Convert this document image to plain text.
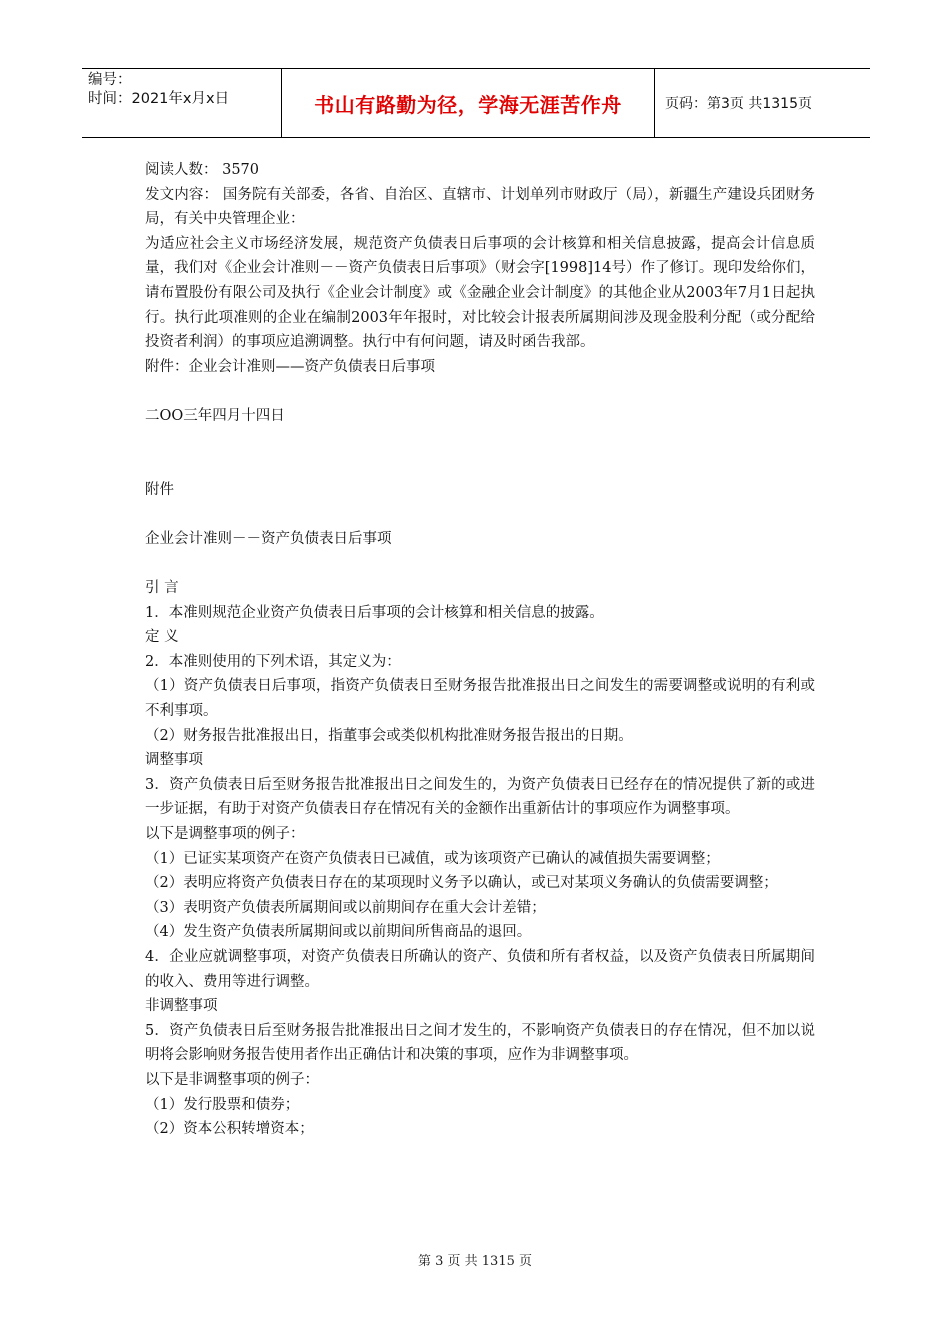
编号：
时间：2021年x月x日	书山有路勤为径，学海无涯苦作舟	页码：第3页 共1315页

阅读人数： 3570

发文内容： 国务院有关部委，各省、自治区、直辖市、计划单列市财政厅（局），新疆生产建设兵团财务局，有关中央管理企业：

为适应社会主义市场经济发展，规范资产负债表日后事项的会计核算和相关信息披露，提高会计信息质量，我们对《企业会计准则－－资产负债表日后事项》（财会字[1998]14号）作了修订。现印发给你们，请布置股份有限公司及执行《企业会计制度》或《金融企业会计制度》的其他企业从2003年7月1日起执行。执行此项准则的企业在编制2003年年报时，对比较会计报表所属期间涉及现金股利分配（或分配给投资者利润）的事项应追溯调整。执行中有何问题，请及时函告我部。

附件：企业会计准则——资产负债表日后事项

二OO三年四月十四日

附件

企业会计准则－－资产负债表日后事项

引 言

1．本准则规范企业资产负债表日后事项的会计核算和相关信息的披露。

定 义

2．本准则使用的下列术语，其定义为：

（1）资产负债表日后事项，指资产负债表日至财务报告批准报出日之间发生的需要调整或说明的有利或不利事项。

（2）财务报告批准报出日，指董事会或类似机构批准财务报告报出的日期。

调整事项

3．资产负债表日后至财务报告批准报出日之间发生的，为资产负债表日已经存在的情况提供了新的或进一步证据，有助于对资产负债表日存在情况有关的金额作出重新估计的事项应作为调整事项。

以下是调整事项的例子：

（1）已证实某项资产在资产负债表日已减值，或为该项资产已确认的减值损失需要调整；

（2）表明应将资产负债表日存在的某项现时义务予以确认，或已对某项义务确认的负债需要调整；

（3）表明资产负债表所属期间或以前期间存在重大会计差错；

（4）发生资产负债表所属期间或以前期间所售商品的退回。

4．企业应就调整事项，对资产负债表日所确认的资产、负债和所有者权益，以及资产负债表日所属期间的收入、费用等进行调整。

非调整事项

5．资产负债表日后至财务报告批准报出日之间才发生的，不影响资产负债表日的存在情况，但不加以说明将会影响财务报告使用者作出正确估计和决策的事项，应作为非调整事项。

以下是非调整事项的例子：

（1）发行股票和债券；

（2）资本公积转增资本；

第 3 页 共 1315 页
